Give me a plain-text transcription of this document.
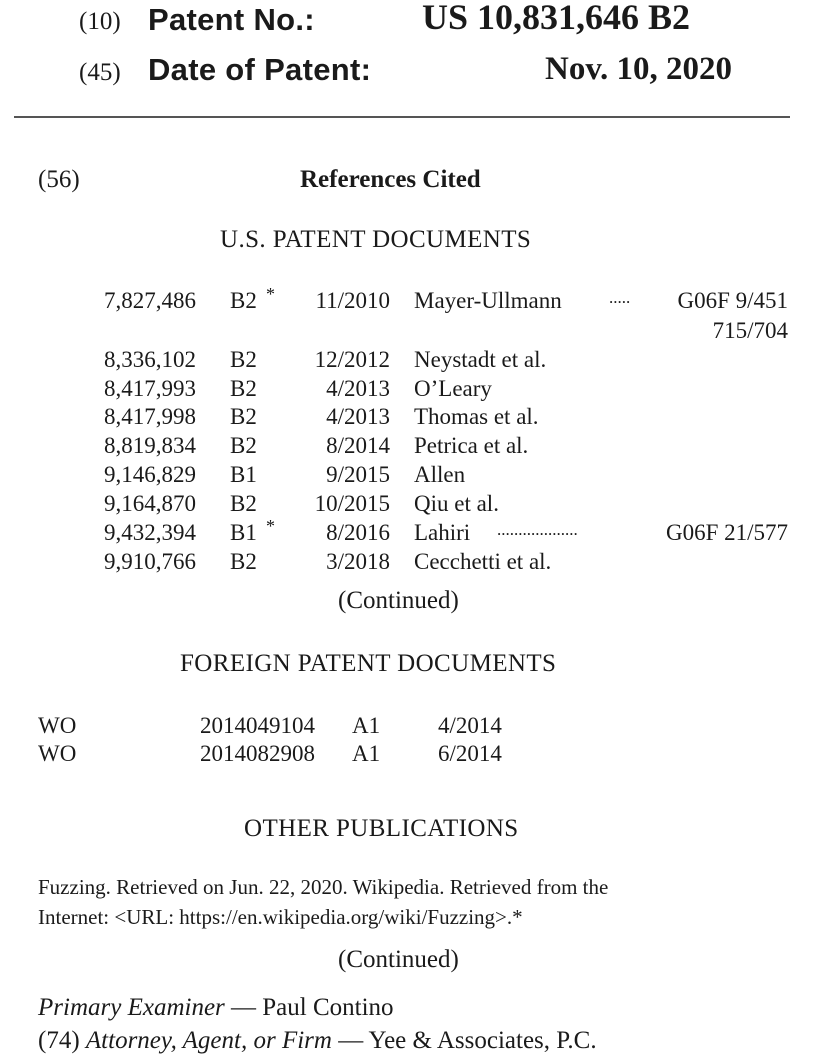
(10) Patent No.:	US 10,831,646 B2
(45) Date of Patent:	Nov. 10, 2020
(56)	References Cited
U.S. PATENT DOCUMENTS
7,827,486 B2 *	11/2010 Mayer-Ullmann	.....	G06F 9/451
715/704
8,336,102 B2	12/2012 Neystadt et al.
8,417,993 B2	4/2013 O’Leary
8,417,998 B2	4/2013 Thomas et al.
8,819,834 B2	8/2014 Petrica et al.
9,146,829 B1	9/2015 Allen
9,164,870 B2	10/2015 Qiu et al.
9,432,394 B1 *	8/2016 Lahiri ...................	G06F 21/577
9,910,766 B2	3/2018 Cecchetti et al.
(Continued)
FOREIGN PATENT DOCUMENTS
WO	2014049104 A1	4/2014
WO	2014082908 A1	6/2014
OTHER PUBLICATIONS
Fuzzing. Retrieved on Jun. 22, 2020. Wikipedia. Retrieved from the
Internet: <URL: https://en.wikipedia.org/wiki/Fuzzing>.*
(Continued)
Primary Examiner — Paul Contino
(74) Attorney, Agent, or Firm — Yee & Associates, P.C.
